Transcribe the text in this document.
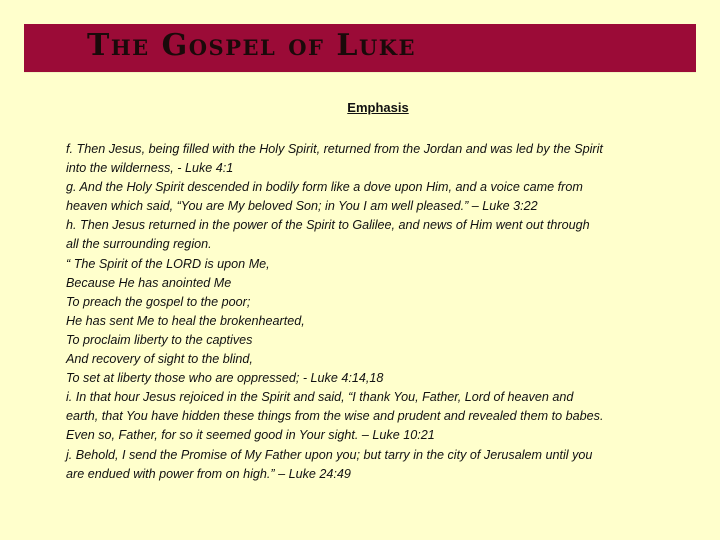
The Gospel of Luke
Emphasis
f. Then Jesus, being filled with the Holy Spirit, returned from the Jordan and was led by the Spirit
into the wilderness, - Luke 4:1
g. And the Holy Spirit descended in bodily form like a dove upon Him, and a voice came from
heaven which said, “You are My beloved Son; in You I am well pleased.” – Luke 3:22
h. Then Jesus returned in the power of the Spirit to Galilee, and news of Him went out through
all the surrounding region.
“ The Spirit of the LORD is upon Me,
Because He has anointed Me
To preach the gospel to the poor;
He has sent Me to heal the brokenhearted,
To proclaim liberty to the captives
And recovery of sight to the blind,
To set at liberty those who are oppressed; - Luke 4:14,18
i. In that hour Jesus rejoiced in the Spirit and said, “I thank You, Father, Lord of heaven and
earth, that You have hidden these things from the wise and prudent and revealed them to babes.
Even so, Father, for so it seemed good in Your sight. – Luke 10:21
j. Behold, I send the Promise of My Father upon you; but tarry in the city of Jerusalem until you
are endued with power from on high.” – Luke 24:49
